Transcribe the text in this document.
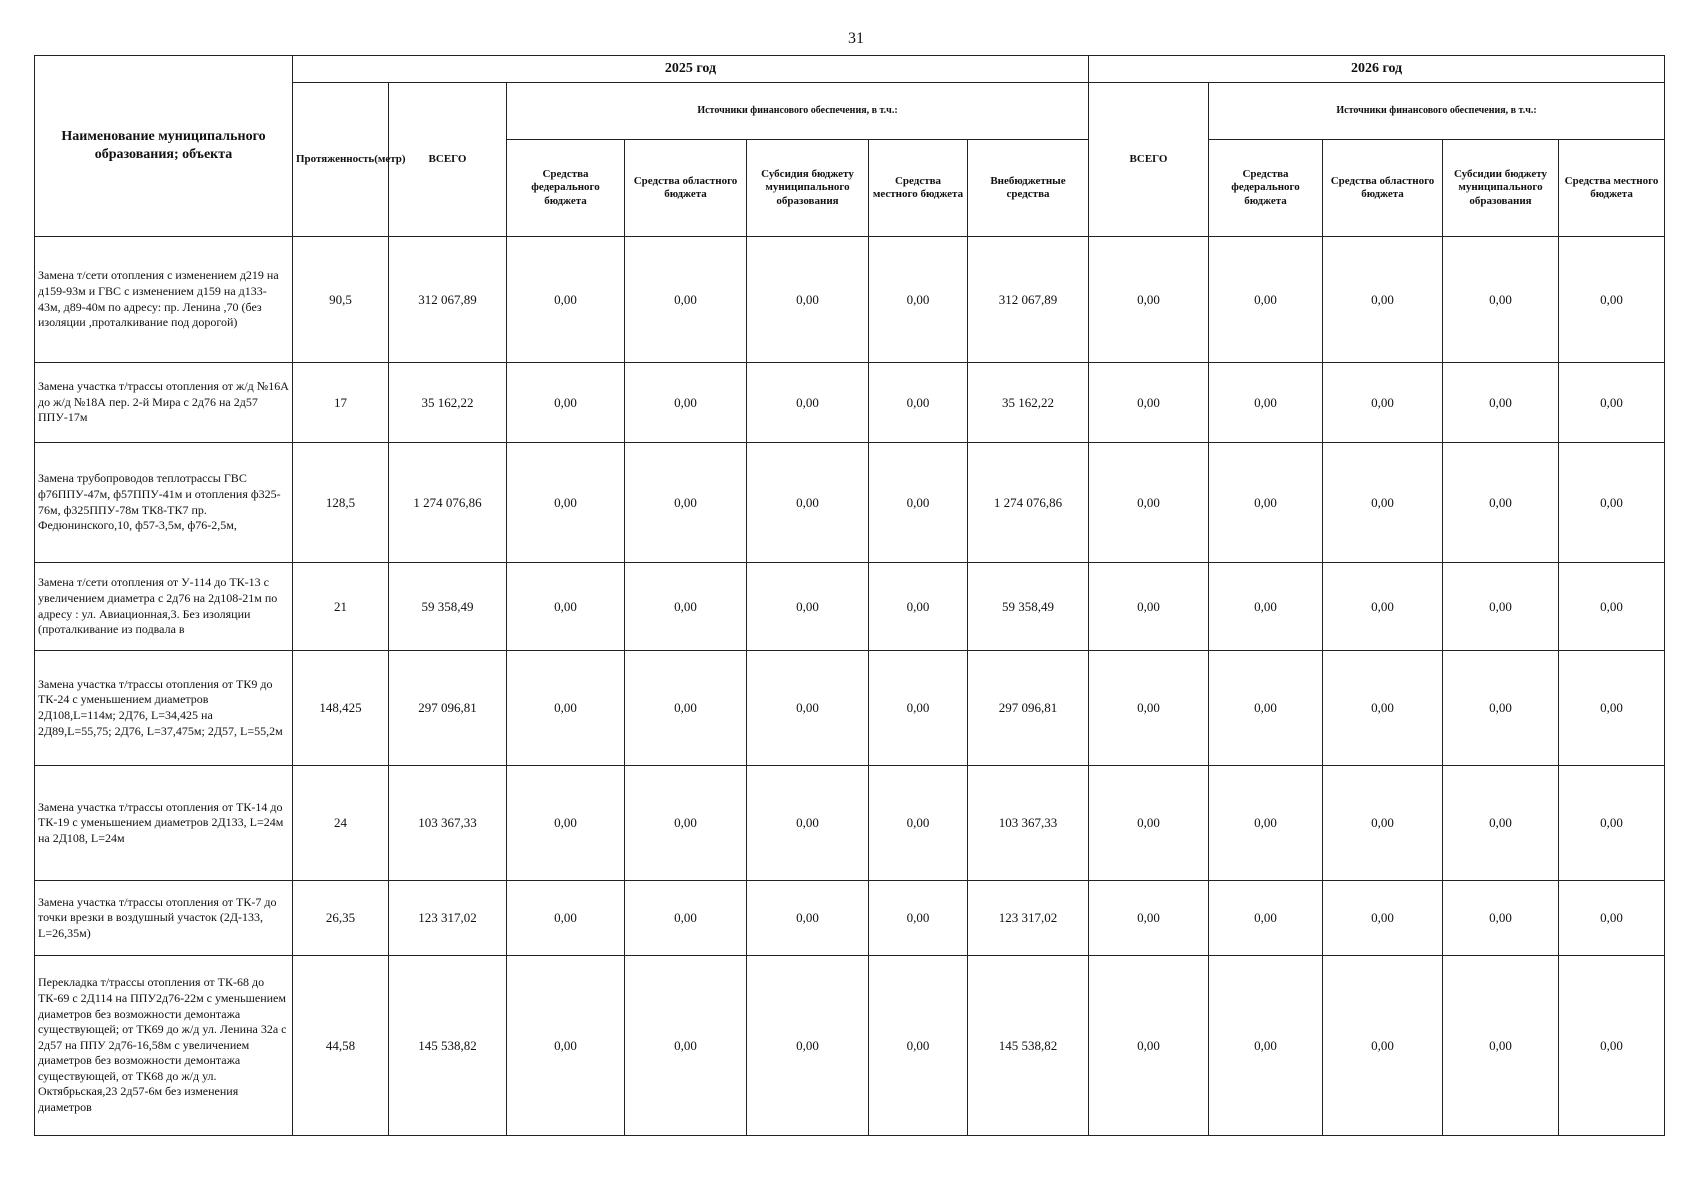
31
Наименование муниципального образования; объекта	2025 год							2026 год				
	Протяженность(метр)	ВСЕГО	Источники финансового обеспечения, в т.ч.:					ВСЕГО	Источники финансового обеспечения, в т.ч.:			
			Средства федерального бюджета	Средства областного бюджета	Субсидия бюджету муниципального образования	Средства местного бюджета	Внебюджетные средства		Средства федерального бюджета	Средства областного бюджета	Субсидии бюджету муниципального образования	Средства местного бюджета
Замена т/сети отопления с изменением д219 на д159-93м и ГВС с изменением д159 на д133-43м, д89-40м по адресу: пр. Ленина ,70 (без изоляции ,проталкивание под дорогой)	90,5	312 067,89	0,00	0,00	0,00	0,00	312 067,89	0,00	0,00	0,00	0,00	0,00
Замена участка т/трассы отопления от ж/д №16А до ж/д №18А пер. 2-й Мира с 2д76 на 2д57 ППУ-17м	17	35 162,22	0,00	0,00	0,00	0,00	35 162,22	0,00	0,00	0,00	0,00	0,00
Замена трубопроводов теплотрассы ГВС ф76ППУ-47м, ф57ППУ-41м и отопления ф325-76м, ф325ППУ-78м ТК8-ТК7 пр. Федюнинского,10, ф57-3,5м, ф76-2,5м,	128,5	1 274 076,86	0,00	0,00	0,00	0,00	1 274 076,86	0,00	0,00	0,00	0,00	0,00

Замена т/сети отопления от У-114 до ТК-13 с увеличением диаметра с 2д76 на 2д108-21м по адресу : ул. Авиационная,3. Без изоляции (проталкивание из подвала в	21	59 358,49	0,00	0,00	0,00	0,00	59 358,49	0,00	0,00	0,00	0,00	0,00
Замена участка т/трассы отопления от ТК9 до ТК-24 с уменьшением диаметров 2Д108,L=114м; 2Д76, L=34,425 на 2Д89,L=55,75; 2Д76, L=37,475м; 2Д57, L=55,2м	148,425	297 096,81	0,00	0,00	0,00	0,00	297 096,81	0,00	0,00	0,00	0,00	0,00
Замена участка т/трассы отопления от ТК-14 до ТК-19 с уменьшением диаметров 2Д133, L=24м на 2Д108, L=24м	24	103 367,33	0,00	0,00	0,00	0,00	103 367,33	0,00	0,00	0,00	0,00	0,00
Замена участка т/трассы отопления от ТК-7 до точки врезки в воздушный участок (2Д-133, L=26,35м)	26,35	123 317,02	0,00	0,00	0,00	0,00	123 317,02	0,00	0,00	0,00	0,00	0,00
Перекладка т/трассы отопления от ТК-68 до ТК-69 с 2Д114 на ППУ2д76-22м с уменьшением диаметров без возможности демонтажа существующей; от ТК69 до ж/д ул. Ленина 32а с 2д57 на ППУ 2д76-16,58м с увеличением диаметров без возможности демонтажа существующей, от ТК68 до ж/д ул. Октябрьская,23 2д57-6м без изменения диаметров	44,58	145 538,82	0,00	0,00	0,00	0,00	145 538,82	0,00	0,00	0,00	0,00	0,00
